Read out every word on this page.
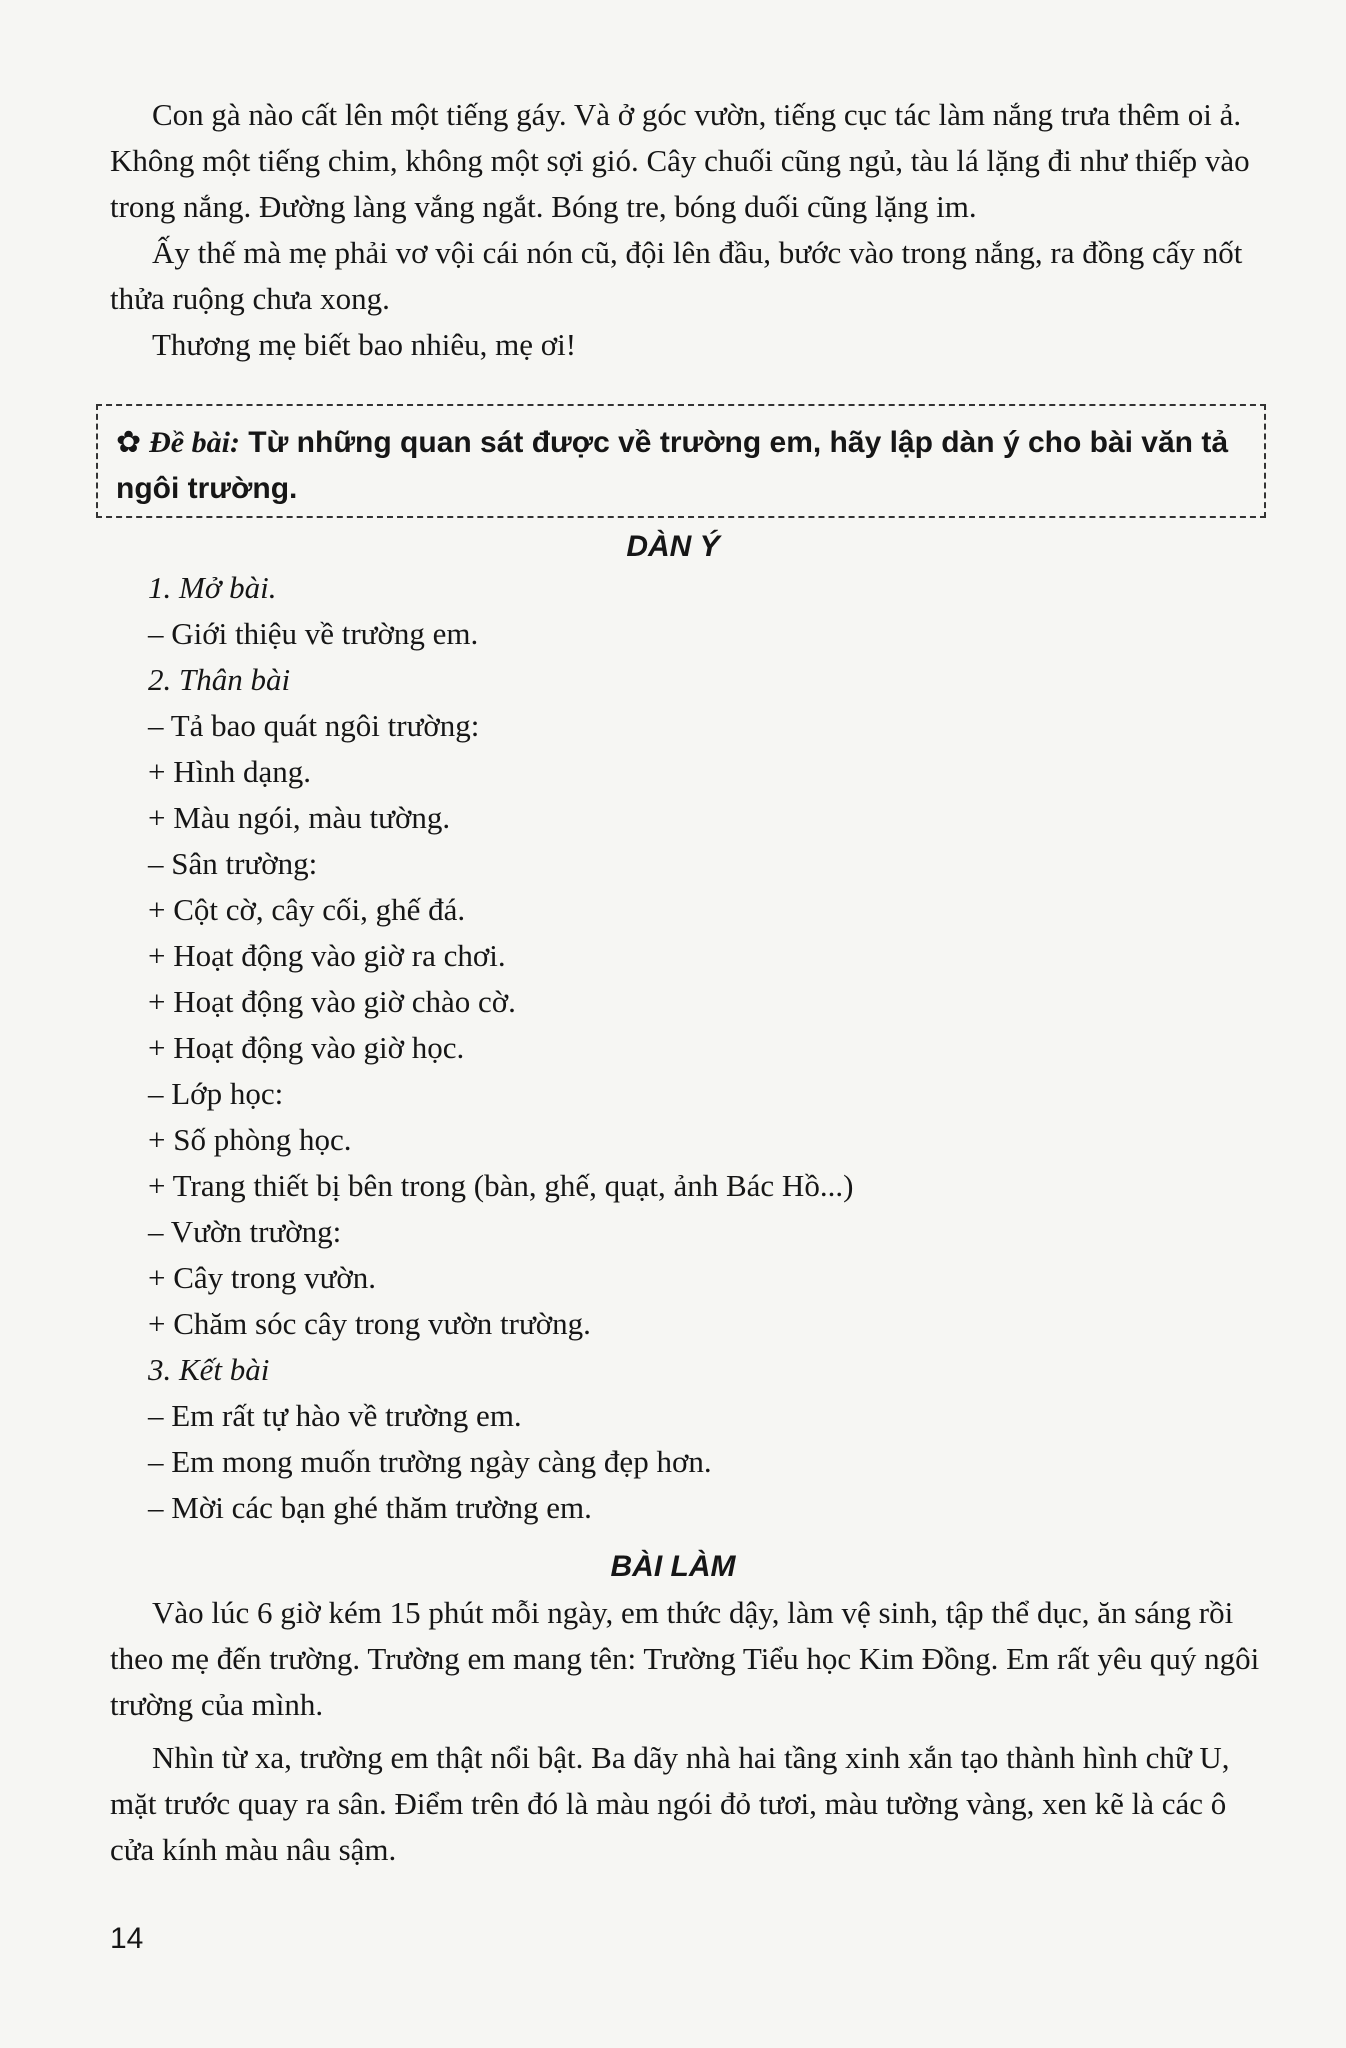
Con gà nào cất lên một tiếng gáy. Và ở góc vườn, tiếng cục tác làm nắng trưa thêm oi ả. Không một tiếng chim, không một sợi gió. Cây chuối cũng ngủ, tàu lá lặng đi như thiếp vào trong nắng. Đường làng vắng ngắt. Bóng tre, bóng duối cũng lặng im.

Ấy thế mà mẹ phải vơ vội cái nón cũ, đội lên đầu, bước vào trong nắng, ra đồng cấy nốt thửa ruộng chưa xong.

Thương mẹ biết bao nhiêu, mẹ ơi!

✿ Đề bài: Từ những quan sát được về trường em, hãy lập dàn ý cho bài văn tả ngôi trường.
DÀN Ý
1. Mở bài.
– Giới thiệu về trường em.
2. Thân bài
– Tả bao quát ngôi trường:
+ Hình dạng.
+ Màu ngói, màu tường.
– Sân trường:
+ Cột cờ, cây cối, ghế đá.
+ Hoạt động vào giờ ra chơi.
+ Hoạt động vào giờ chào cờ.
+ Hoạt động vào giờ học.
– Lớp học:
+ Số phòng học.
+ Trang thiết bị bên trong (bàn, ghế, quạt, ảnh Bác Hồ...)
– Vườn trường:
+ Cây trong vườn.
+ Chăm sóc cây trong vườn trường.
3. Kết bài
– Em rất tự hào về trường em.
– Em mong muốn trường ngày càng đẹp hơn.
– Mời các bạn ghé thăm trường em.
BÀI LÀM

Vào lúc 6 giờ kém 15 phút mỗi ngày, em thức dậy, làm vệ sinh, tập thể dục, ăn sáng rồi theo mẹ đến trường. Trường em mang tên: Trường Tiểu học Kim Đồng. Em rất yêu quý ngôi trường của mình.

Nhìn từ xa, trường em thật nổi bật. Ba dãy nhà hai tầng xinh xắn tạo thành hình chữ U, mặt trước quay ra sân. Điểm trên đó là màu ngói đỏ tươi, màu tường vàng, xen kẽ là các ô cửa kính màu nâu sậm.

14
